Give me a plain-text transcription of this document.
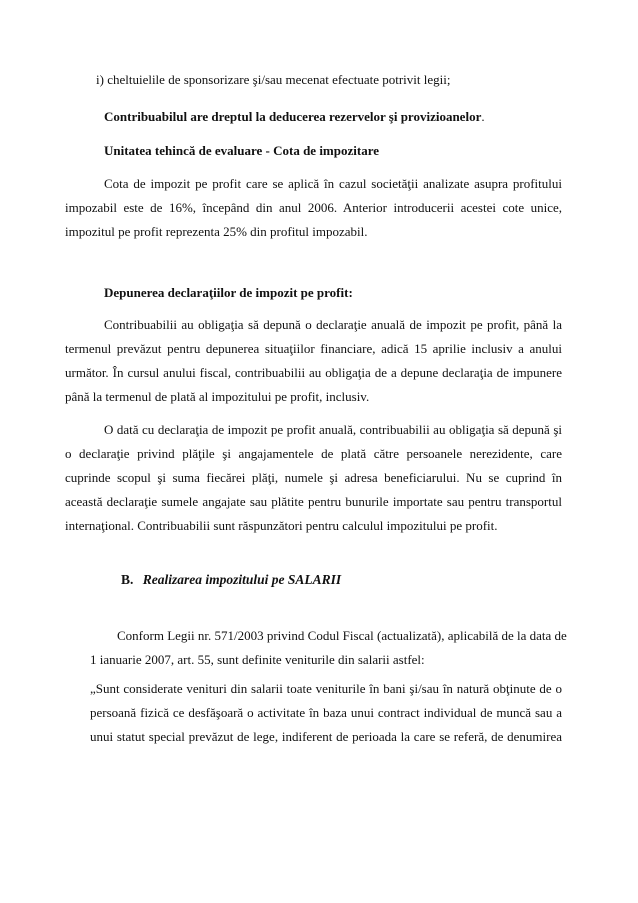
i) cheltuielile de sponsorizare şi/sau mecenat efectuate potrivit legii;

Contribuabilul are dreptul la deducerea rezervelor şi provizioanelor.

Unitatea tehincă de evaluare - Cota de impozitare

Cota de impozit pe profit care se aplică în cazul societăţii analizate asupra profitului
impozabil este de 16%, începând din anul 2006. Anterior introducerii acestei cote unice,
impozitul pe profit reprezenta 25% din profitul impozabil.

Depunerea declaraţiilor de impozit pe profit:

Contribuabilii au obligaţia să depună o declaraţie anuală de impozit pe profit, până la
termenul prevăzut pentru depunerea situaţiilor financiare, adică 15 aprilie inclusiv a anului
următor. În cursul anului fiscal, contribuabilii au obligaţia de a depune declaraţia de impunere
până la termenul de plată al impozitului pe profit, inclusiv.
O dată cu declaraţia de impozit pe profit anuală, contribuabilii au obligaţia să depună şi
o declaraţie privind plăţile şi angajamentele de plată către persoanele nerezidente, care
cuprinde scopul şi suma fiecărei plăţi, numele şi adresa beneficiarului. Nu se cuprind în
această declaraţie sumele angajate sau plătite pentru bunurile importate sau pentru transportul
internaţional. Contribuabilii sunt răspunzători pentru calculul impozitului pe profit.

B. Realizarea impozitului pe SALARII

Conform Legii nr. 571/2003 privind Codul Fiscal (actualizată), aplicabilă de la data de
1 ianuarie 2007, art. 55, sunt definite veniturile din salarii astfel:
„Sunt considerate venituri din salarii toate veniturile în bani şi/sau în natură obţinute de o
persoană fizică ce desfăşoară o activitate în baza unui contract individual de muncă sau a
unui statut special prevăzut de lege, indiferent de perioada la care se referă, de denumirea
